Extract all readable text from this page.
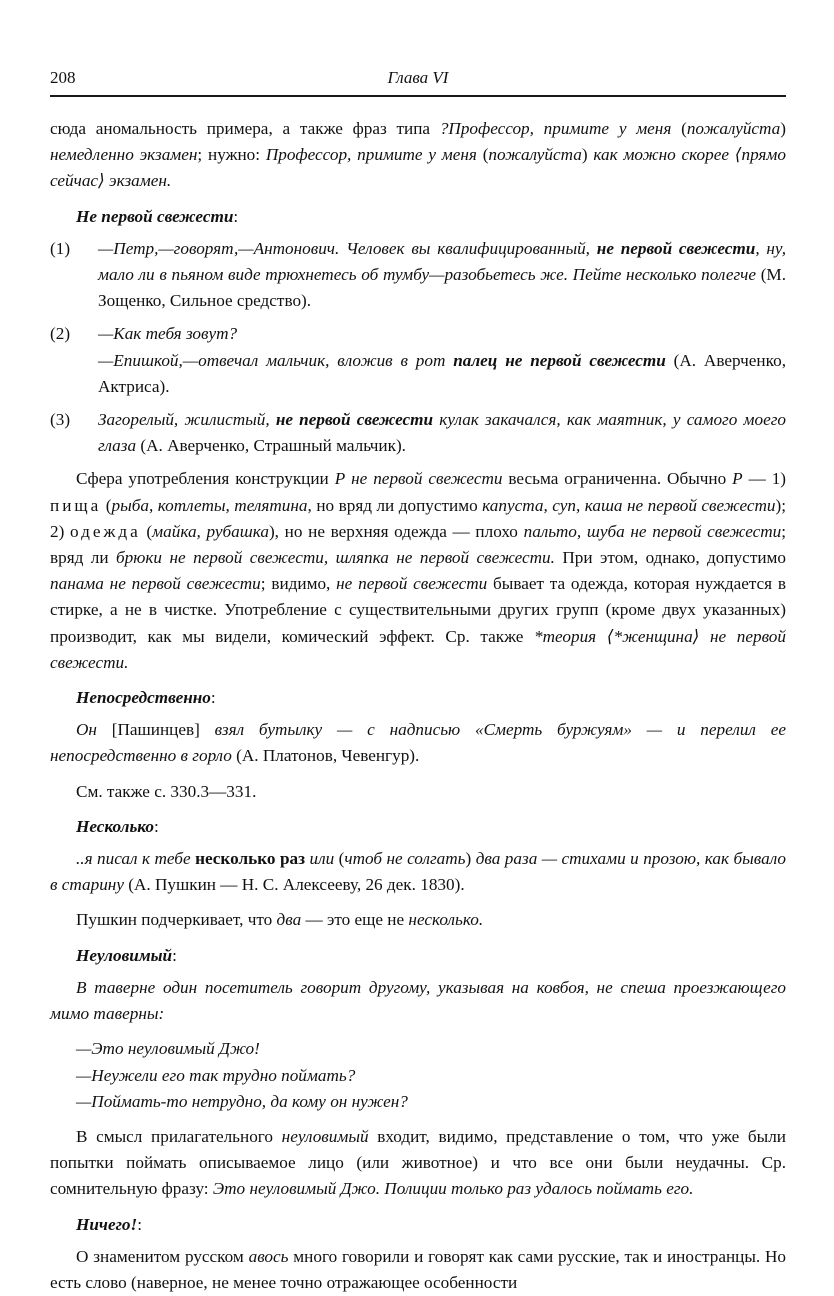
208	Глава VI

сюда аномальность примера, а также фраз типа ?Профессор, примите у меня (пожалуйста) немедленно экзамен; нужно: Профессор, примите у меня (пожалуйста) как можно скорее ⟨прямо сейчас⟩ экзамен.

Не первой свежести:
(1)	—Петр,—говорят,—Антонович. Человек вы квалифицированный, не первой свежести, ну, мало ли в пьяном виде трюхнетесь об тумбу—разобьетесь же. Пейте несколько полегче (М. Зощенко, Сильное средство).
(2)	—Как тебя зовут?
—Епишкой,—отвечал мальчик, вложив в рот палец не первой свежести (А. Аверченко, Актриса).
(3)	Загорелый, жилистый, не первой свежести кулак закачался, как маятник, у самого моего глаза (А. Аверченко, Страшный мальчик).

Сфера употребления конструкции Р не первой свежести весьма ограниченна. Обычно Р — 1) пища (рыба, котлеты, телятина, но вряд ли допустимо капуста, суп, каша не первой свежести); 2) одежда (майка, рубашка), но не верхняя одежда — плохо пальто, шуба не первой свежести; вряд ли брюки не первой свежести, шляпка не первой свежести. При этом, однако, допустимо панама не первой свежести; видимо, не первой свежести бывает та одежда, которая нуждается в стирке, а не в чистке. Употребление с существительными других групп (кроме двух указанных) производит, как мы видели, комический эффект. Ср. также *теория ⟨*женщина⟩ не первой свежести.

Непосредственно:

Он [Пашинцев] взял бутылку — с надписью «Смерть буржуям» — и перелил ее непосредственно в горло (А. Платонов, Чевенгур).

См. также с. 330.3—331.

Несколько:

..я писал к тебе несколько раз или (чтоб не солгать) два раза — стихами и прозою, как бывало в старину (А. Пушкин — Н. С. Алексееву, 26 дек. 1830).

Пушкин подчеркивает, что два — это еще не несколько.

Неуловимый:

В таверне один посетитель говорит другому, указывая на ковбоя, не спеша проезжающего мимо таверны:

—Это неуловимый Джо!
—Неужели его так трудно поймать?
—Поймать-то нетрудно, да кому он нужен?

В смысл прилагательного неуловимый входит, видимо, представление о том, что уже были попытки поймать описываемое лицо (или животное) и что все они были неудачны. Ср. сомнительную фразу: Это неуловимый Джо. Полиции только раз удалось поймать его.

Ничего!:

О знаменитом русском авось много говорили и говорят как сами русские, так и иностранцы. Но есть слово (наверное, не менее точно отражающее особенности
